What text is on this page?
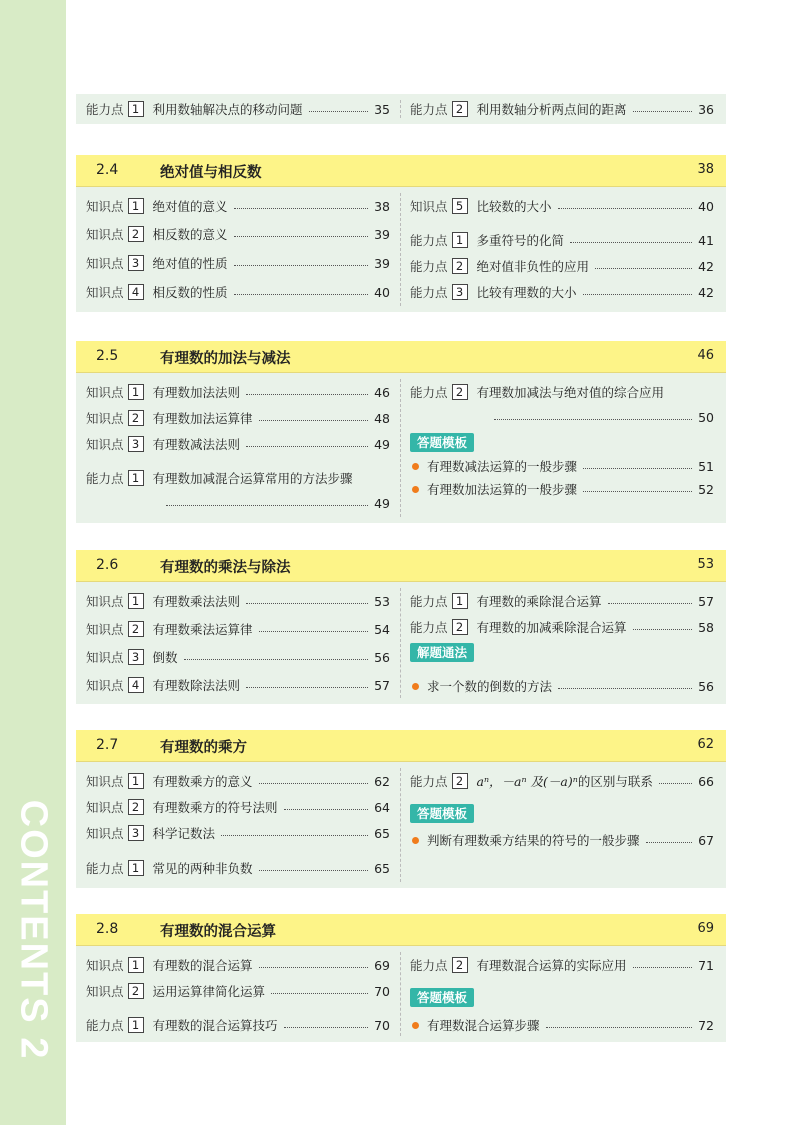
CONTENTS 2
能力点 1	利用数轴解决点的移动问题	35 能力点 2	利用数轴分析两点间的距离	36
2.4	绝对值与相反数	38
知识点 1	绝对值的意义	38
知识点 2	相反数的意义	39
知识点 3	绝对值的性质	39
知识点 4	相反数的性质	40
知识点 5	比较数的大小	40
能力点 1	多重符号的化简	41
能力点 2	绝对值非负性的应用	42
能力点 3	比较有理数的大小	42
2.5	有理数的加法与减法	46
知识点 1	有理数加法法则	46
知识点 2	有理数加法运算律	48
知识点 3	有理数减法法则	49
能力点 1	有理数加减混合运算常用的方法步骤
49
能力点 2	有理数加减法与绝对值的综合应用
50
答题模板
有理数减法运算的一般步骤	51
有理数加法运算的一般步骤	52
2.6	有理数的乘法与除法	53
知识点 1	有理数乘法法则	53
知识点 2	有理数乘法运算律	54
知识点 3	倒数	56
知识点 4	有理数除法法则	57
能力点 1	有理数的乘除混合运算	57
能力点 2	有理数的加减乘除混合运算	58
解题通法
求一个数的倒数的方法	56
2.7	有理数的乘方	62
知识点 1	有理数乘方的意义	62
知识点 2	有理数乘方的符号法则	64
知识点 3	科学记数法	65
能力点 1	常见的两种非负数	65
能力点 2	aⁿ，－aⁿ 及(－a)ⁿ 的区别与联系	66
答题模板
判断有理数乘方结果的符号的一般步骤	67
2.8	有理数的混合运算	69
知识点 1	有理数的混合运算	69
知识点 2	运用运算律简化运算	70
能力点 1	有理数的混合运算技巧	70
能力点 2	有理数混合运算的实际应用	71
答题模板
有理数混合运算步骤	72
